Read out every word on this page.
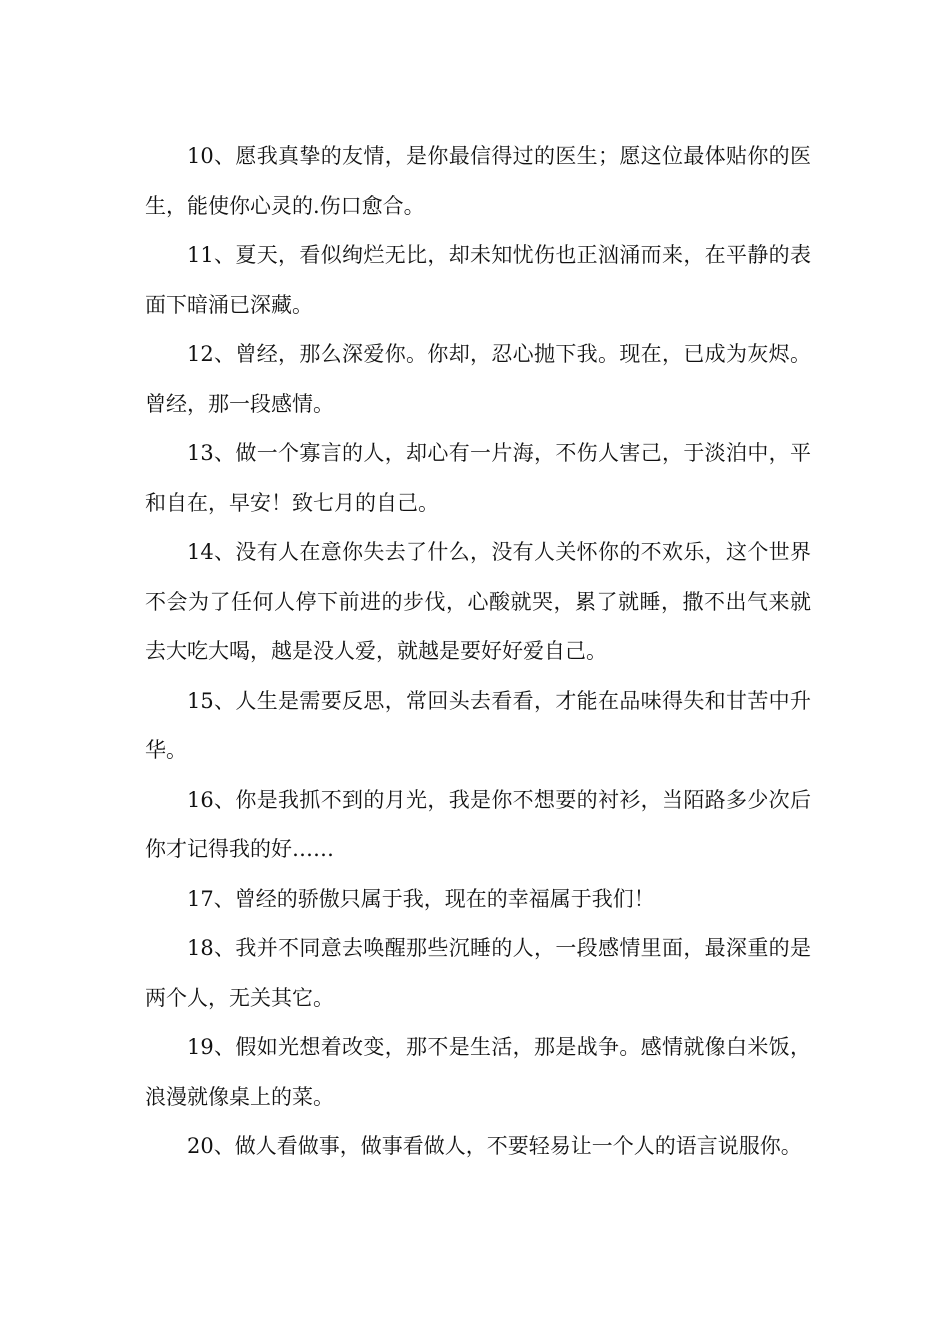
10、愿我真挚的友情，是你最信得过的医生；愿这位最体贴你的医生，能使你心灵的.伤口愈合。

11、夏天，看似绚烂无比，却未知忧伤也正汹涌而来，在平静的表面下暗涌已深藏。

12、曾经，那么深爱你。你却，忍心抛下我。现在，已成为灰烬。曾经，那一段感情。

13、做一个寡言的人，却心有一片海，不伤人害己，于淡泊中，平和自在，早安！致七月的自己。

14、没有人在意你失去了什么，没有人关怀你的不欢乐，这个世界不会为了任何人停下前进的步伐，心酸就哭，累了就睡，撒不出气来就去大吃大喝，越是没人爱，就越是要好好爱自己。

15、人生是需要反思，常回头去看看，才能在品味得失和甘苦中升华。

16、你是我抓不到的月光，我是你不想要的衬衫，当陌路多少次后你才记得我的好……

17、曾经的骄傲只属于我，现在的幸福属于我们！

18、我并不同意去唤醒那些沉睡的人，一段感情里面，最深重的是两个人，无关其它。

19、假如光想着改变，那不是生活，那是战争。感情就像白米饭，浪漫就像桌上的菜。

20、做人看做事，做事看做人，不要轻易让一个人的语言说服你。
